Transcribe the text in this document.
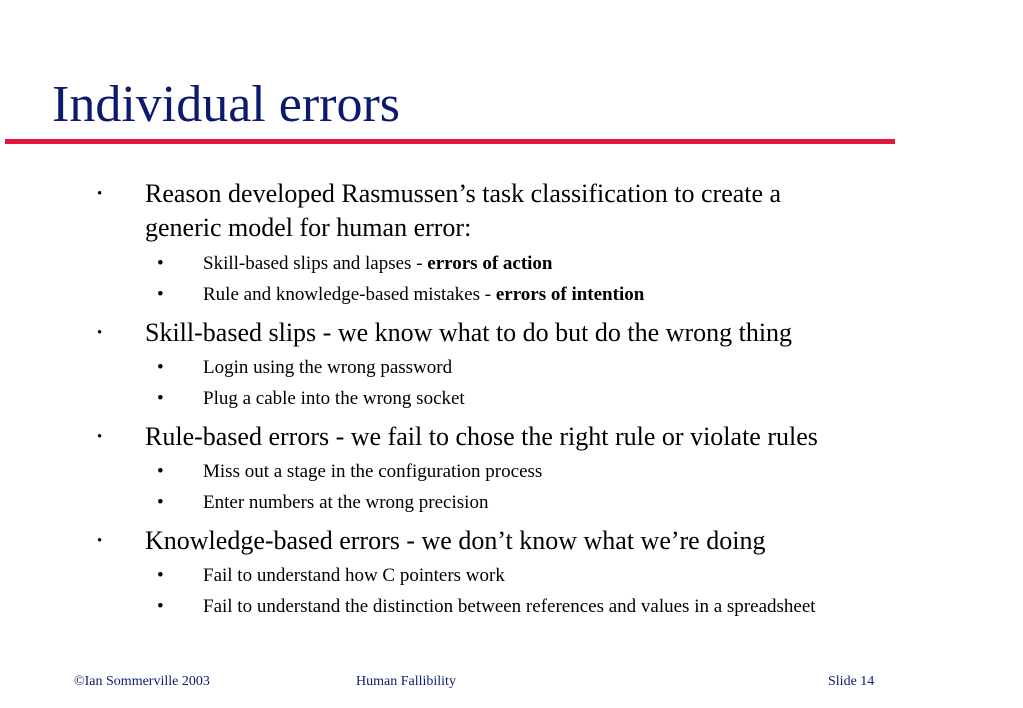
Individual errors
• Reason developed Rasmussen’s task classification to create a
generic model for human error:
• Skill-based slips and lapses - errors of action
• Rule and knowledge-based mistakes - errors of intention
• Skill-based slips - we know what to do but do the wrong thing
• Login using the wrong password
• Plug a cable into the wrong socket
• Rule-based errors - we fail to chose the right rule or violate rules
• Miss out a stage in the configuration process
• Enter numbers at the wrong precision
• Knowledge-based errors - we don’t know what we’re doing
• Fail to understand how C pointers work
• Fail to understand the distinction between references and values in a spreadsheet
©Ian Sommerville 2003	Human Fallibility	Slide 14
